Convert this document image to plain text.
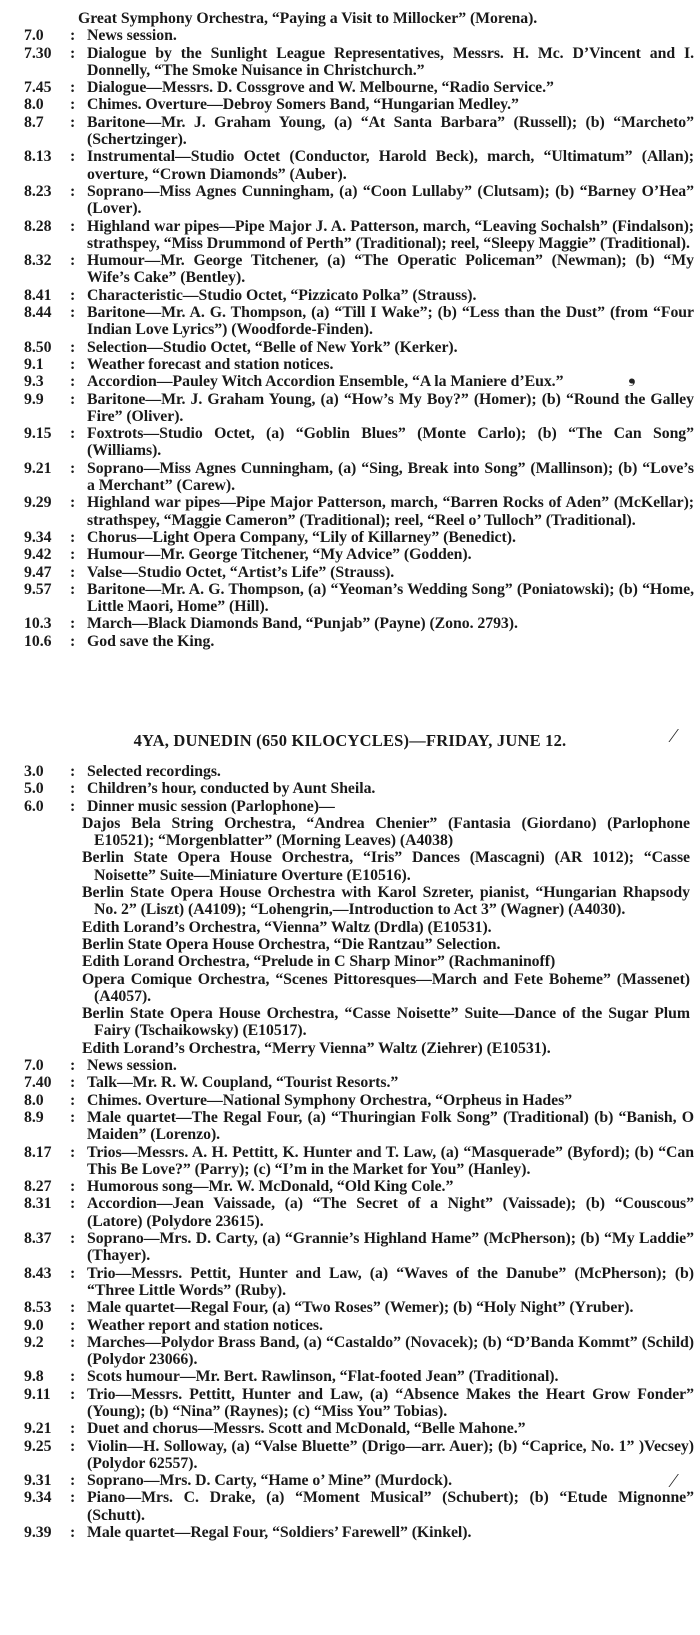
Great Symphony Orchestra, “Paying a Visit to Millocker” (Morena).
7.0	: News session.
7.30	: Dialogue by the Sunlight League Representatives, Messrs. H. Mc. D’Vincent and I. Donnelly, “The Smoke Nuisance in Christchurch.”
7.45	: Dialogue—Messrs. D. Cossgrove and W. Melbourne, “Radio Service.”
8.0	: Chimes. Overture—Debroy Somers Band, “Hungarian Medley.”
8.7	: Baritone—Mr. J. Graham Young, (a) “At Santa Barbara” (Russell); (b) “Marcheto” (Schertzinger).
8.13	: Instrumental—Studio Octet (Conductor, Harold Beck), march, “Ultimatum” (Allan); overture, “Crown Diamonds” (Auber).
8.23	: Soprano—Miss Agnes Cunningham, (a) “Coon Lullaby” (Clutsam); (b) “Barney O’Hea” (Lover).
8.28	: Highland war pipes—Pipe Major J. A. Patterson, march, “Leaving Sochalsh” (Findalson); strathspey, “Miss Drummond of Perth” (Traditional); reel, “Sleepy Maggie” (Traditional).
8.32	: Humour—Mr. George Titchener, (a) “The Operatic Policeman” (Newman); (b) “My Wife’s Cake” (Bentley).
8.41	: Characteristic—Studio Octet, “Pizzicato Polka” (Strauss).
8.44	: Baritone—Mr. A. G. Thompson, (a) “Till I Wake”; (b) “Less than the Dust” (from “Four Indian Love Lyrics”) (Woodforde-Finden).
8.50	: Selection—Studio Octet, “Belle of New York” (Kerker).
9.1	: Weather forecast and station notices.
9.3	: Accordion—Pauley Witch Accordion Ensemble, “A la Maniere d’Eux.”
9.9	: Baritone—Mr. J. Graham Young, (a) “How’s My Boy?” (Homer); (b) “Round the Galley Fire” (Oliver).
9.15	: Foxtrots—Studio Octet, (a) “Goblin Blues” (Monte Carlo); (b) “The Can Song” (Williams).
9.21	: Soprano—Miss Agnes Cunningham, (a) “Sing, Break into Song” (Mallinson); (b) “Love’s a Merchant” (Carew).
9.29	: Highland war pipes—Pipe Major Patterson, march, “Barren Rocks of Aden” (McKellar); strathspey, “Maggie Cameron” (Traditional); reel, “Reel o’ Tulloch” (Traditional).
9.34	: Chorus—Light Opera Company, “Lily of Killarney” (Benedict).
9.42	: Humour—Mr. George Titchener, “My Advice” (Godden).
9.47	: Valse—Studio Octet, “Artist’s Life” (Strauss).
9.57	: Baritone—Mr. A. G. Thompson, (a) “Yeoman’s Wedding Song” (Poniatowski); (b) “Home, Little Maori, Home” (Hill).
10.3	: March—Black Diamonds Band, “Punjab” (Payne) (Zono. 2793).
10.6	: God save the King.
4YA, DUNEDIN (650 KILOCYCLES)—FRIDAY, JUNE 12.
3.0	: Selected recordings.
5.0	: Children’s hour, conducted by Aunt Sheila.
6.0	: Dinner music session (Parlophone)—
Dajos Bela String Orchestra, “Andrea Chenier” (Fantasia (Giordano) (Parlophone E10521); “Morgenblatter” (Morning Leaves) (A4038)
Berlin State Opera House Orchestra, “Iris” Dances (Mascagni) (AR 1012); “Casse Noisette” Suite—Miniature Overture (E10516).
Berlin State Opera House Orchestra with Karol Szreter, pianist, “Hungarian Rhapsody No. 2” (Liszt) (A4109); “Lohengrin,—Introduction to Act 3” (Wagner) (A4030).
Edith Lorand’s Orchestra, “Vienna” Waltz (Drdla) (E10531).
Berlin State Opera House Orchestra, “Die Rantzau” Selection.
Edith Lorand Orchestra, “Prelude in C Sharp Minor” (Rachmaninoff)
Opera Comique Orchestra, “Scenes Pittoresques—March and Fete Boheme” (Massenet) (A4057).
Berlin State Opera House Orchestra, “Casse Noisette” Suite—Dance of the Sugar Plum Fairy (Tschaikowsky) (E10517).
Edith Lorand’s Orchestra, “Merry Vienna” Waltz (Ziehrer) (E10531).
7.0	: News session.
7.40	: Talk—Mr. R. W. Coupland, “Tourist Resorts.”
8.0	: Chimes. Overture—National Symphony Orchestra, “Orpheus in Hades”
8.9	: Male quartet—The Regal Four, (a) “Thuringian Folk Song” (Traditional) (b) “Banish, O Maiden” (Lorenzo).
8.17	: Trios—Messrs. A. H. Pettitt, K. Hunter and T. Law, (a) “Masquerade” (Byford); (b) “Can This Be Love?” (Parry); (c) “I’m in the Market for You” (Hanley).
8.27	: Humorous song—Mr. W. McDonald, “Old King Cole.”
8.31	: Accordion—Jean Vaissade, (a) “The Secret of a Night” (Vaissade); (b) “Couscous” (Latore) (Polydore 23615).
8.37	: Soprano—Mrs. D. Carty, (a) “Grannie’s Highland Hame” (McPherson); (b) “My Laddie” (Thayer).
8.43	: Trio—Messrs. Pettit, Hunter and Law, (a) “Waves of the Danube” (McPherson); (b) “Three Little Words” (Ruby).
8.53	: Male quartet—Regal Four, (a) “Two Roses” (Wemer); (b) “Holy Night” (Yruber).
9.0	: Weather report and station notices.
9.2	: Marches—Polydor Brass Band, (a) “Castaldo” (Novacek); (b) “D’Banda Kommt” (Schild) (Polydor 23066).
9.8	: Scots humour—Mr. Bert. Rawlinson, “Flat-footed Jean” (Traditional).
9.11	: Trio—Messrs. Pettitt, Hunter and Law, (a) “Absence Makes the Heart Grow Fonder” (Young); (b) “Nina” (Raynes); (c) “Miss You” Tobias).
9.21	: Duet and chorus—Messrs. Scott and McDonald, “Belle Mahone.”
9.25	: Violin—H. Solloway, (a) “Valse Bluette” (Drigo—arr. Auer); (b) “Caprice, No. 1” )Vecsey) (Polydor 62557).
9.31	: Soprano—Mrs. D. Carty, “Hame o’ Mine” (Murdock).
9.34	: Piano—Mrs. C. Drake, (a) “Moment Musical” (Schubert); (b) “Etude Mignonne” (Schutt).
9.39	: Male quartet—Regal Four, “Soldiers’ Farewell” (Kinkel).
❟
⁄
⁄
